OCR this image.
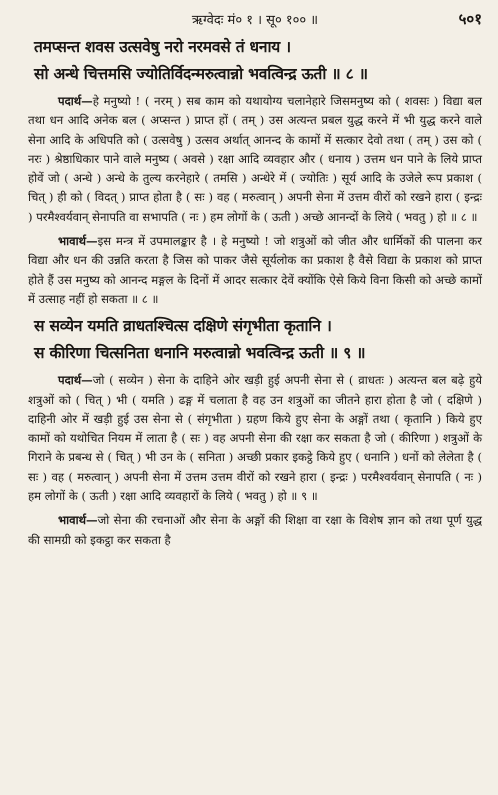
ऋग्वेदः मं० १ । सू० १०० ॥	५०१
तमप्सन्त शवस उत्सवेषु नरो नरमवसे तं धनाय ।
सो अन्धे चित्तमसि ज्योतिर्विदन्मरुत्वान्नो भवत्विन्द्र ऊती ॥ ८ ॥

पदार्थ—हे मनुष्यो ! ( नरम् ) सब काम को यथायोग्य चलानेहारे जिसमनुष्य को ( शवसः ) विद्या बल तथा धन आदि अनेक बल ( अप्सन्त ) प्राप्त हों ( तम् ) उस अत्यन्त प्रबल युद्ध करने में भी युद्ध करने वाले सेना आदि के अधिपति को ( उत्सवेषु ) उत्सव अर्थात् आनन्द के कामों में सत्कार देवो तथा ( तम् ) उस को ( नरः ) श्रेष्ठाधिकार पाने वाले मनुष्य ( अवसे ) रक्षा आदि व्यवहार और ( धनाय ) उत्तम धन पाने के लिये प्राप्त होवें जो ( अन्धे ) अन्धे के तुल्य करनेहारे ( तमसि ) अन्धेरे में ( ज्योतिः ) सूर्य आदि के उजेले रूप प्रकाश ( चित् ) ही को ( विदत् ) प्राप्त होता है ( सः ) वह ( मरुत्वान् ) अपनी सेना में उत्तम वीरों को रखने हारा ( इन्द्रः ) परमैश्वर्यवान् सेनापति वा सभापति ( नः ) हम लोगों के ( ऊती ) अच्छे आनन्दों के लिये ( भवतु ) हो ॥ ८ ॥

भावार्थ—इस मन्त्र में उपमालङ्कार है । हे मनुष्यो ! जो शत्रुओं को जीत और धार्मिकों की पालना कर विद्या और धन की उन्नति करता है जिस को पाकर जैसे सूर्यलोक का प्रकाश है वैसे विद्या के प्रकाश को प्राप्त होते हैं उस मनुष्य को आनन्द मङ्गल के दिनों में आदर सत्कार देवें क्योंकि ऐसे किये विना किसी को अच्छे कामों में उत्साह नहीं हो सकता ॥ ८ ॥

स सव्येन यमति व्राधतश्चित्स दक्षिणे संगृभीता कृतानि ।
स कीरिणा चित्सनिता धनानि मरुत्वान्नो भवत्विन्द्र ऊती ॥ ९ ॥

पदार्थ—जो ( सव्येन ) सेना के दाहिने ओर खड़ी हुई अपनी सेना से ( व्राधतः ) अत्यन्त बल बढ़े हुये शत्रुओं को ( चित् ) भी ( यमति ) ढङ्ग में चलाता है वह उन शत्रुओं का जीतने हारा होता है जो ( दक्षिणे ) दाहिनी ओर में खड़ी हुई उस सेना से ( संगृभीता ) ग्रहण किये हुए सेना के अङ्गों तथा ( कृतानि ) किये हुए कामों को यथोचित नियम में लाता है ( सः ) वह अपनी सेना की रक्षा कर सकता है जो ( कीरिणा ) शत्रुओं के गिराने के प्रबन्ध से ( चित् ) भी उन के ( सनिता ) अच्छी प्रकार इकट्ठे किये हुए ( धनानि ) धनों को लेलेता है ( सः ) वह ( मरुत्वान् ) अपनी सेना में उत्तम उत्तम वीरों को रखने हारा ( इन्द्रः ) परमैश्वर्यवान् सेनापति ( नः ) हम लोगों के ( ऊती ) रक्षा आदि व्यवहारों के लिये ( भवतु ) हो ॥ ९ ॥

भावार्थ—जो सेना की रचनाओं और सेना के अङ्गों की शिक्षा वा रक्षा के विशेष ज्ञान को तथा पूर्ण युद्ध की सामग्री को इकट्ठा कर सकता है
